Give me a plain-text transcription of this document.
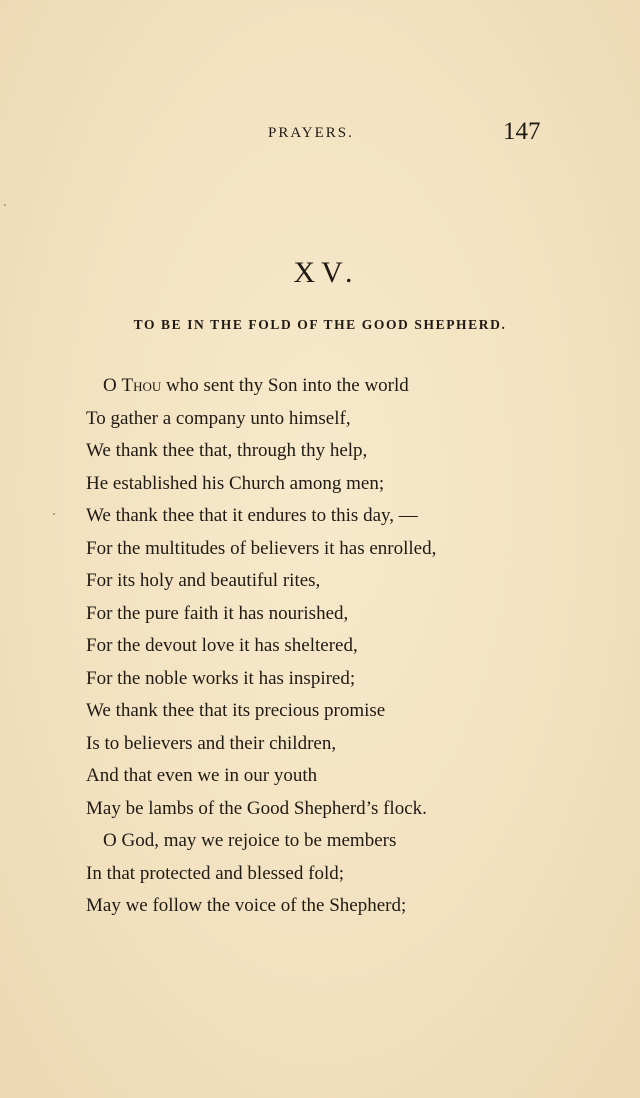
PRAYERS.	147
XV.
TO BE IN THE FOLD OF THE GOOD SHEPHERD.
O Thou who sent thy Son into the world
To gather a company unto himself,
We thank thee that, through thy help,
He established his Church among men;
We thank thee that it endures to this day, —
For the multitudes of believers it has enrolled,
For its holy and beautiful rites,
For the pure faith it has nourished,
For the devout love it has sheltered,
For the noble works it has inspired;
We thank thee that its precious promise
Is to believers and their children,
And that even we in our youth
May be lambs of the Good Shepherd’s flock.
O God, may we rejoice to be members
In that protected and blessed fold;
May we follow the voice of the Shepherd;
